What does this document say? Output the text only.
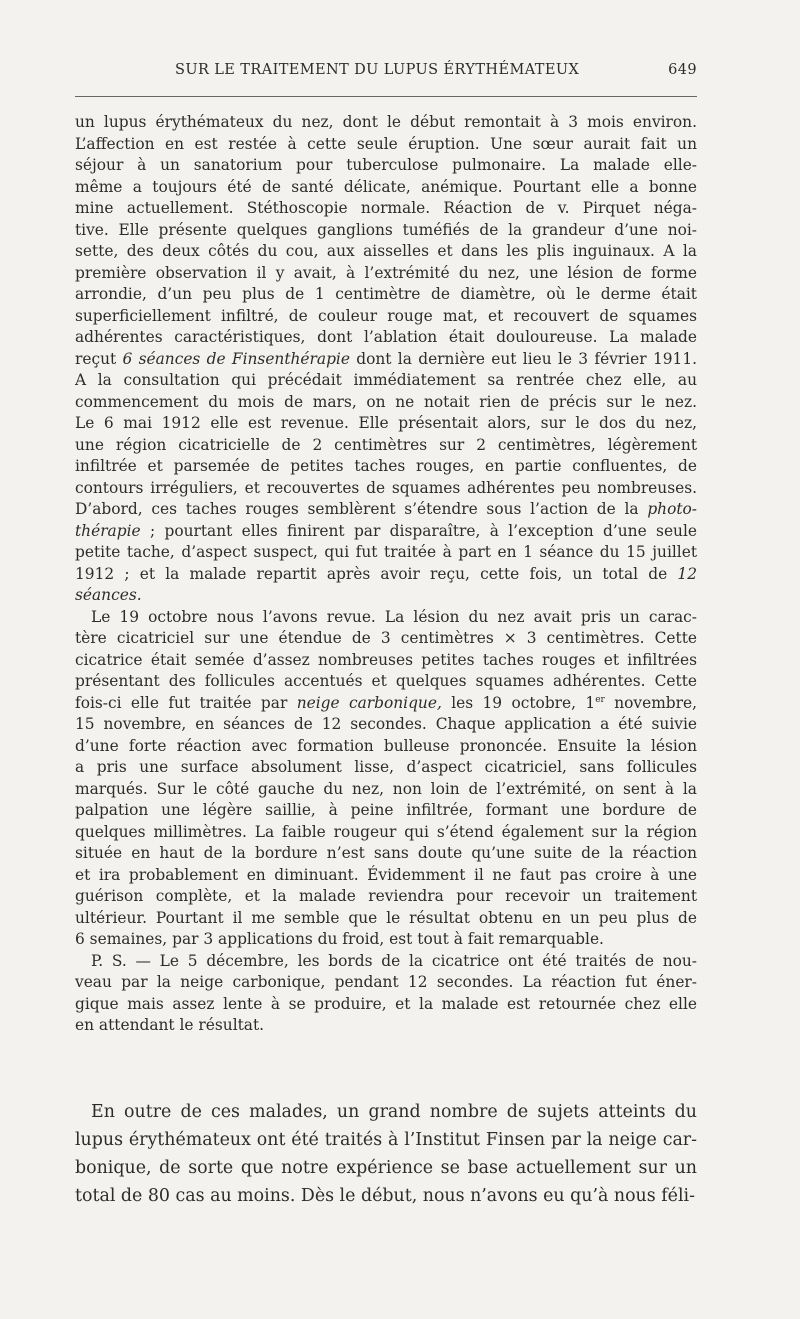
SUR LE TRAITEMENT DU LUPUS ÉRYTHÉMATEUX	649

un lupus érythémateux du nez, dont le début remontait à 3 mois environ.

L’affection en est restée à cette seule éruption. Une sœur aurait fait un

séjour à un sanatorium pour tuberculose pulmonaire. La malade elle-

même a toujours été de santé délicate, anémique. Pourtant elle a bonne

mine actuellement. Stéthoscopie normale. Réaction de v. Pirquet néga-

tive. Elle présente quelques ganglions tuméfiés de la grandeur d’une noi-

sette, des deux côtés du cou, aux aisselles et dans les plis inguinaux. A la

première observation il y avait, à l’extrémité du nez, une lésion de forme

arrondie, d’un peu plus de 1 centimètre de diamètre, où le derme était

superficiellement infiltré, de couleur rouge mat, et recouvert de squames

adhérentes caractéristiques, dont l’ablation était douloureuse. La malade

reçut 6 séances de Finsenthérapie dont la dernière eut lieu le 3 février 1911.

A la consultation qui précédait immédiatement sa rentrée chez elle, au

commencement du mois de mars, on ne notait rien de précis sur le nez.

Le 6 mai 1912 elle est revenue. Elle présentait alors, sur le dos du nez,

une région cicatricielle de 2 centimètres sur 2 centimètres, légèrement

infiltrée et parsemée de petites taches rouges, en partie confluentes, de

contours irréguliers, et recouvertes de squames adhérentes peu nombreuses.

D’abord, ces taches rouges semblèrent s’étendre sous l’action de la photo-

thérapie ; pourtant elles finirent par disparaître, à l’exception d’une seule

petite tache, d’aspect suspect, qui fut traitée à part en 1 séance du 15 juillet

1912 ; et la malade repartit après avoir reçu, cette fois, un total de 12

séances.

Le 19 octobre nous l’avons revue. La lésion du nez avait pris un carac-

tère cicatriciel sur une étendue de 3 centimètres × 3 centimètres. Cette

cicatrice était semée d’assez nombreuses petites taches rouges et infiltrées

présentant des follicules accentués et quelques squames adhérentes. Cette

fois-ci elle fut traitée par neige carbonique, les 19 octobre, 1er novembre,

15 novembre, en séances de 12 secondes. Chaque application a été suivie

d’une forte réaction avec formation bulleuse prononcée. Ensuite la lésion

a pris une surface absolument lisse, d’aspect cicatriciel, sans follicules

marqués. Sur le côté gauche du nez, non loin de l’extrémité, on sent à la

palpation une légère saillie, à peine infiltrée, formant une bordure de

quelques millimètres. La faible rougeur qui s’étend également sur la région

située en haut de la bordure n’est sans doute qu’une suite de la réaction

et ira probablement en diminuant. Évidemment il ne faut pas croire à une

guérison complète, et la malade reviendra pour recevoir un traitement

ultérieur. Pourtant il me semble que le résultat obtenu en un peu plus de

6 semaines, par 3 applications du froid, est tout à fait remarquable.

P. S. — Le 5 décembre, les bords de la cicatrice ont été traités de nou-

veau par la neige carbonique, pendant 12 secondes. La réaction fut éner-

gique mais assez lente à se produire, et la malade est retournée chez elle

en attendant le résultat.

En outre de ces malades, un grand nombre de sujets atteints du

lupus érythémateux ont été traités à l’Institut Finsen par la neige car-

bonique, de sorte que notre expérience se base actuellement sur un

total de 80 cas au moins. Dès le début, nous n’avons eu qu’à nous féli-
